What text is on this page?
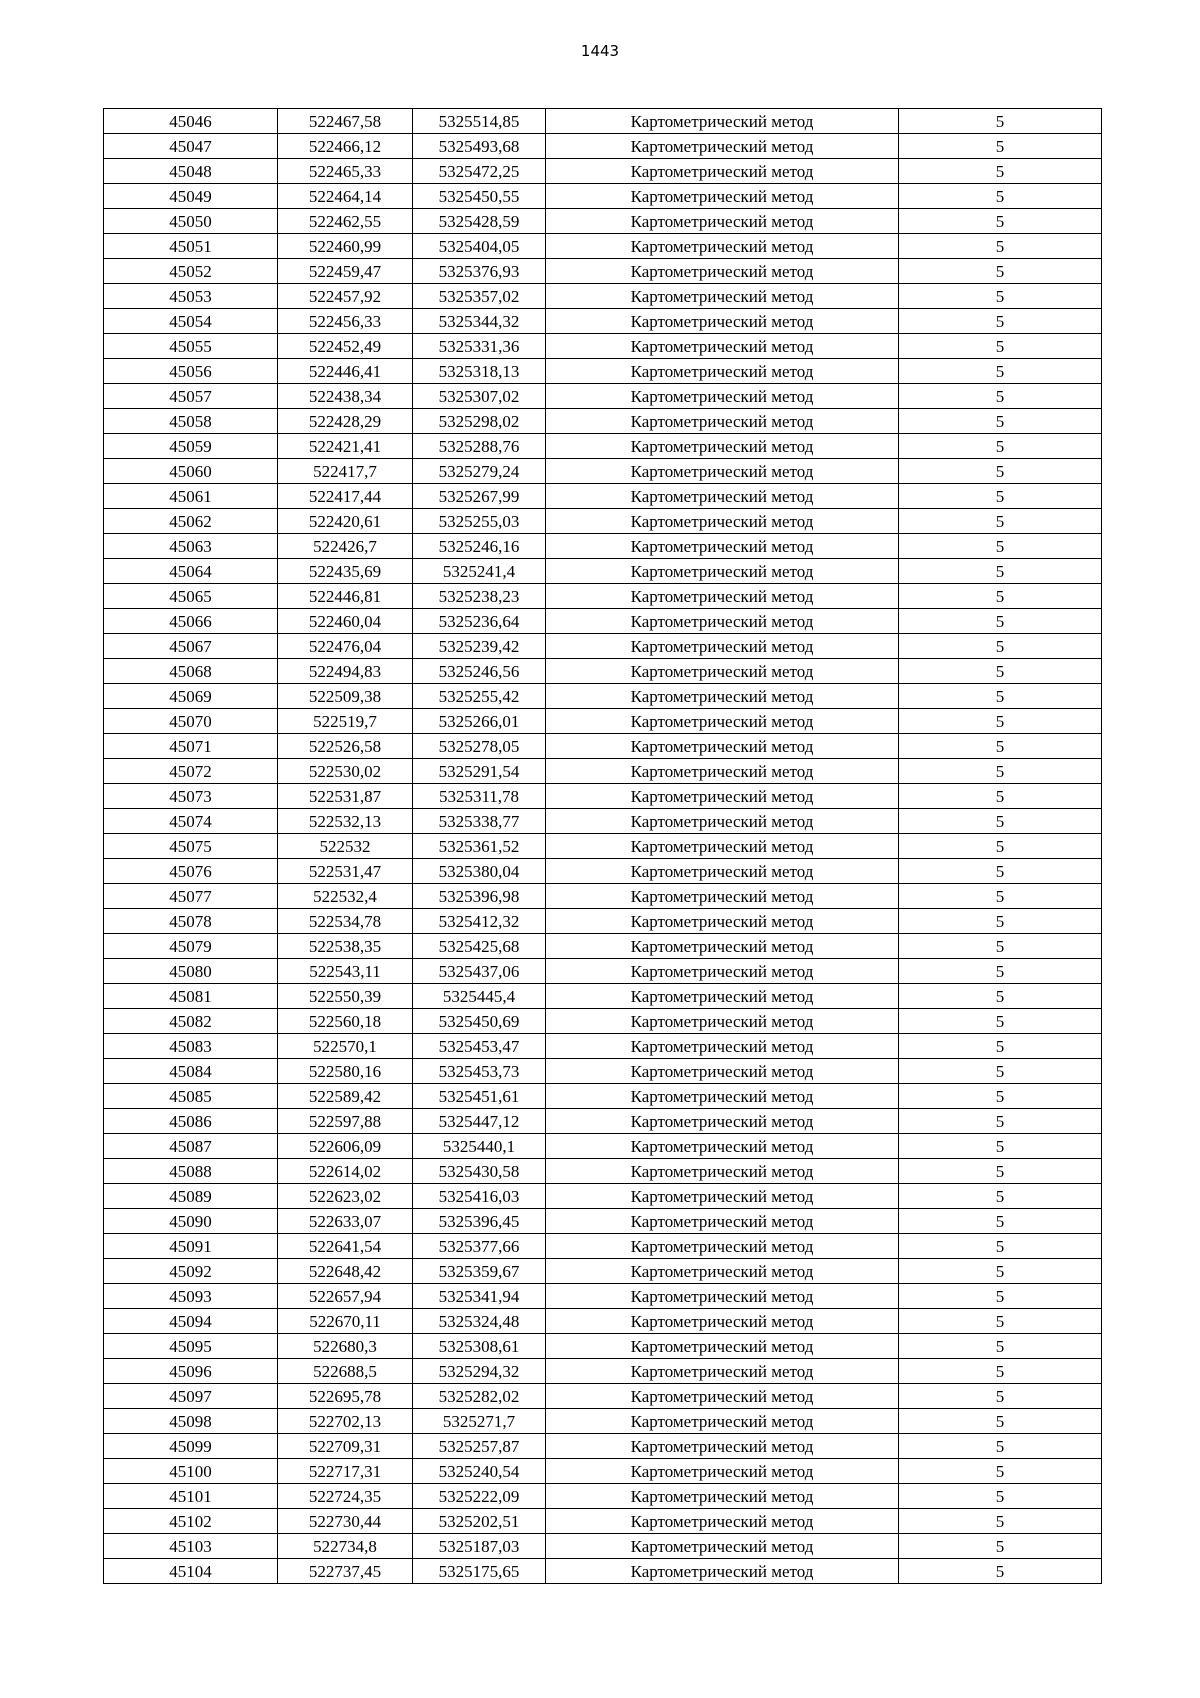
1443
45046	522467,58	5325514,85	Картометрический метод	5
45047	522466,12	5325493,68	Картометрический метод	5
45048	522465,33	5325472,25	Картометрический метод	5
45049	522464,14	5325450,55	Картометрический метод	5
45050	522462,55	5325428,59	Картометрический метод	5
45051	522460,99	5325404,05	Картометрический метод	5
45052	522459,47	5325376,93	Картометрический метод	5
45053	522457,92	5325357,02	Картометрический метод	5
45054	522456,33	5325344,32	Картометрический метод	5
45055	522452,49	5325331,36	Картометрический метод	5
45056	522446,41	5325318,13	Картометрический метод	5
45057	522438,34	5325307,02	Картометрический метод	5
45058	522428,29	5325298,02	Картометрический метод	5
45059	522421,41	5325288,76	Картометрический метод	5
45060	522417,7	5325279,24	Картометрический метод	5
45061	522417,44	5325267,99	Картометрический метод	5
45062	522420,61	5325255,03	Картометрический метод	5
45063	522426,7	5325246,16	Картометрический метод	5
45064	522435,69	5325241,4	Картометрический метод	5
45065	522446,81	5325238,23	Картометрический метод	5
45066	522460,04	5325236,64	Картометрический метод	5
45067	522476,04	5325239,42	Картометрический метод	5
45068	522494,83	5325246,56	Картометрический метод	5
45069	522509,38	5325255,42	Картометрический метод	5
45070	522519,7	5325266,01	Картометрический метод	5
45071	522526,58	5325278,05	Картометрический метод	5
45072	522530,02	5325291,54	Картометрический метод	5
45073	522531,87	5325311,78	Картометрический метод	5
45074	522532,13	5325338,77	Картометрический метод	5
45075	522532	5325361,52	Картометрический метод	5
45076	522531,47	5325380,04	Картометрический метод	5
45077	522532,4	5325396,98	Картометрический метод	5
45078	522534,78	5325412,32	Картометрический метод	5
45079	522538,35	5325425,68	Картометрический метод	5
45080	522543,11	5325437,06	Картометрический метод	5
45081	522550,39	5325445,4	Картометрический метод	5
45082	522560,18	5325450,69	Картометрический метод	5
45083	522570,1	5325453,47	Картометрический метод	5
45084	522580,16	5325453,73	Картометрический метод	5
45085	522589,42	5325451,61	Картометрический метод	5
45086	522597,88	5325447,12	Картометрический метод	5
45087	522606,09	5325440,1	Картометрический метод	5
45088	522614,02	5325430,58	Картометрический метод	5
45089	522623,02	5325416,03	Картометрический метод	5
45090	522633,07	5325396,45	Картометрический метод	5
45091	522641,54	5325377,66	Картометрический метод	5
45092	522648,42	5325359,67	Картометрический метод	5
45093	522657,94	5325341,94	Картометрический метод	5
45094	522670,11	5325324,48	Картометрический метод	5
45095	522680,3	5325308,61	Картометрический метод	5
45096	522688,5	5325294,32	Картометрический метод	5
45097	522695,78	5325282,02	Картометрический метод	5
45098	522702,13	5325271,7	Картометрический метод	5
45099	522709,31	5325257,87	Картометрический метод	5
45100	522717,31	5325240,54	Картометрический метод	5
45101	522724,35	5325222,09	Картометрический метод	5
45102	522730,44	5325202,51	Картометрический метод	5
45103	522734,8	5325187,03	Картометрический метод	5
45104	522737,45	5325175,65	Картометрический метод	5
